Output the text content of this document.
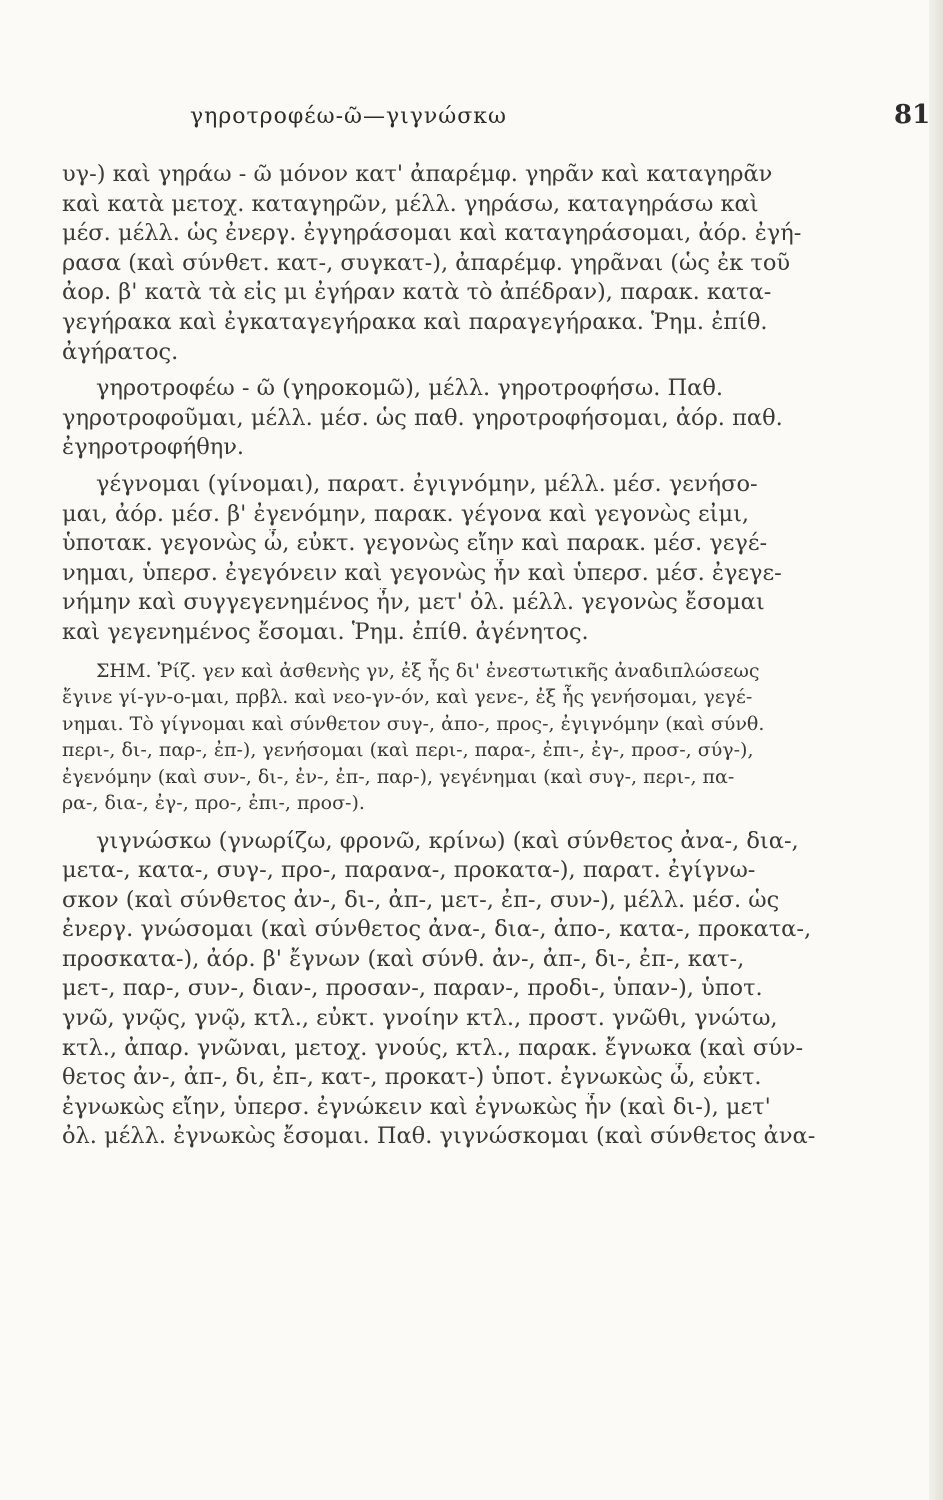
γηροτροφέω-ῶ—γιγνώσκω	81
υγ-) καὶ γηράω - ῶ μόνον κατ' ἀπαρέμφ. γηρᾶν καὶ καταγηρᾶν
καὶ κατὰ μετοχ. καταγηρῶν, μέλλ. γηράσω, καταγηράσω καὶ
μέσ. μέλλ. ὡς ἐνεργ. ἐγγηράσομαι καὶ καταγηράσομαι, ἀόρ. ἐγή-
ρασα (καὶ σύνθετ. κατ-, συγκατ-), ἀπαρέμφ. γηρᾶναι (ὡς ἐκ τοῦ
ἀορ. β' κατὰ τὰ εἰς μι ἐγήραν κατὰ τὸ ἀπέδραν), παρακ. κατα-
γεγήρακα καὶ ἐγκαταγεγήρακα καὶ παραγεγήρακα. Ῥημ. ἐπίθ.
ἀγήρατος.
γηροτροφέω - ῶ (γηροκομῶ), μέλλ. γηροτροφήσω. Παθ.
γηροτροφοῦμαι, μέλλ. μέσ. ὡς παθ. γηροτροφήσομαι, ἀόρ. παθ.
ἐγηροτροφήθην.
γέγνομαι (γίνομαι), παρατ. ἐγιγνόμην, μέλλ. μέσ. γενήσο-
μαι, ἀόρ. μέσ. β' ἐγενόμην, παρακ. γέγονα καὶ γεγονὼς εἰμι,
ὑποτακ. γεγονὼς ὦ, εὐκτ. γεγονὼς εἴην καὶ παρακ. μέσ. γεγέ-
νημαι, ὑπερσ. ἐγεγόνειν καὶ γεγονὼς ἦν καὶ ὑπερσ. μέσ. ἐγεγε-
νήμην καὶ συγγεγενημένος ἦν, μετ' ὀλ. μέλλ. γεγονὼς ἔσομαι
καὶ γεγενημένος ἔσομαι. Ῥημ. ἐπίθ. ἀγένητος.
ΣΗΜ. Ῥίζ. γεν καὶ ἀσθενὴς γν, ἐξ ἧς δι' ἐνεστωτικῆς ἀναδιπλώσεως
ἔγινε γί-γν-ο-μαι, πρβλ. καὶ νεο-γν-όν, καὶ γενε-, ἐξ ἧς γενήσομαι, γεγέ-
νημαι. Τὸ γίγνομαι καὶ σύνθετον συγ-, ἀπο-, προς-, ἐγιγνόμην (καὶ σύνθ.
περι-, δι-, παρ-, ἐπ-), γενήσομαι (καὶ περι-, παρα-, ἐπι-, ἐγ-, προσ-, σύγ-),
ἐγενόμην (καὶ συν-, δι-, ἐν-, ἐπ-, παρ-), γεγένημαι (καὶ συγ-, περι-, πα-
ρα-, δια-, ἐγ-, προ-, ἐπι-, προσ-).
γιγνώσκω (γνωρίζω, φρονῶ, κρίνω) (καὶ σύνθετος ἀνα-, δια-,
μετα-, κατα-, συγ-, προ-, παρανα-, προκατα-), παρατ. ἐγίγνω-
σκον (καὶ σύνθετος ἀν-, δι-, ἀπ-, μετ-, ἐπ-, συν-), μέλλ. μέσ. ὡς
ἐνεργ. γνώσομαι (καὶ σύνθετος ἀνα-, δια-, ἀπο-, κατα-, προκατα-,
προσκατα-), ἀόρ. β' ἔγνων (καὶ σύνθ. ἀν-, ἀπ-, δι-, ἐπ-, κατ-,
μετ-, παρ-, συν-, διαν-, προσαν-, παραν-, προδι-, ὑπαν-), ὑποτ.
γνῶ, γνῷς, γνῷ, κτλ., εὐκτ. γνοίην κτλ., προστ. γνῶθι, γνώτω,
κτλ., ἀπαρ. γνῶναι, μετοχ. γνούς, κτλ., παρακ. ἔγνωκα (καὶ σύν-
θετος ἀν-, ἀπ-, δι, ἐπ-, κατ-, προκατ-) ὑποτ. ἐγνωκὼς ὦ, εὐκτ.
ἐγνωκὼς εἴην, ὑπερσ. ἐγνώκειν καὶ ἐγνωκὼς ἦν (καὶ δι-), μετ'
ὀλ. μέλλ. ἐγνωκὼς ἔσομαι. Παθ. γιγνώσκομαι (καὶ σύνθετος ἀνα-
